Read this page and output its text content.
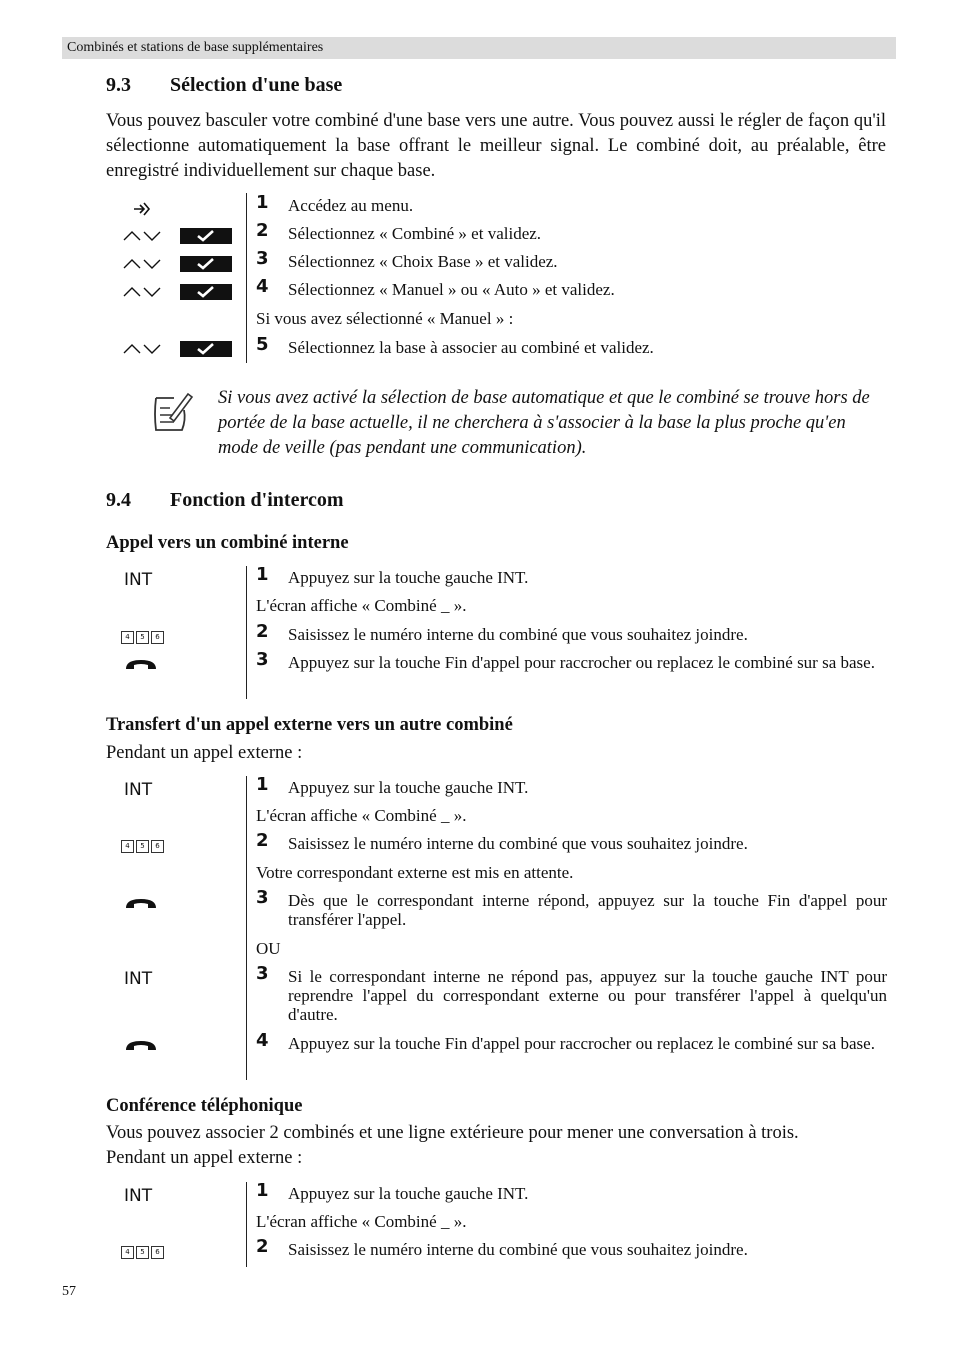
Combinés et stations de base supplémentaires
9.3 Sélection d'une base
Vous pouvez basculer votre combiné d'une base vers une autre. Vous pouvez aussi le régler de façon qu'il sélectionne automatiquement la base offrant le meilleur signal. Le combiné doit, au préalable, être enregistré individuellement sur chaque base.
1 Accédez au menu.
2 Sélectionnez « Combiné » et validez.
3 Sélectionnez « Choix Base » et validez.
4 Sélectionnez « Manuel » ou « Auto » et validez.
Si vous avez sélectionné « Manuel » :
5 Sélectionnez la base à associer au combiné et validez.
Si vous avez activé la sélection de base automatique et que le combiné se trouve hors de portée de la base actuelle, il ne cherchera à s'associer à la base la plus proche qu'en mode de veille (pas pendant une communication).
9.4 Fonction d'intercom
Appel vers un combiné interne
INT
4	5	6
1 Appuyez sur la touche gauche INT.
L'écran affiche « Combiné _ ».
2 Saisissez le numéro interne du combiné que vous souhaitez joindre.
3 Appuyez sur la touche Fin d'appel pour raccrocher ou replacez le combiné sur sa base.
Transfert d'un appel externe vers un autre combiné
Pendant un appel externe :
INT
4	5	6
INT
1 Appuyez sur la touche gauche INT.
L'écran affiche « Combiné _ ».
2 Saisissez le numéro interne du combiné que vous souhaitez joindre.
Votre correspondant externe est mis en attente.
3 Dès que le correspondant interne répond, appuyez sur la touche Fin d'appel pour transférer l'appel.
OU
3 Si le correspondant interne ne répond pas, appuyez sur la touche gauche INT pour reprendre l'appel du correspondant externe ou pour transférer l'appel à quelqu'un d'autre.
4 Appuyez sur la touche Fin d'appel pour raccrocher ou replacez le combiné sur sa base.
Conférence téléphonique
Vous pouvez associer 2 combinés et une ligne extérieure pour mener une conversation à trois.
Pendant un appel externe :
INT
4	5	6
1 Appuyez sur la touche gauche INT.
L'écran affiche « Combiné _ ».
2 Saisissez le numéro interne du combiné que vous souhaitez joindre.
57
